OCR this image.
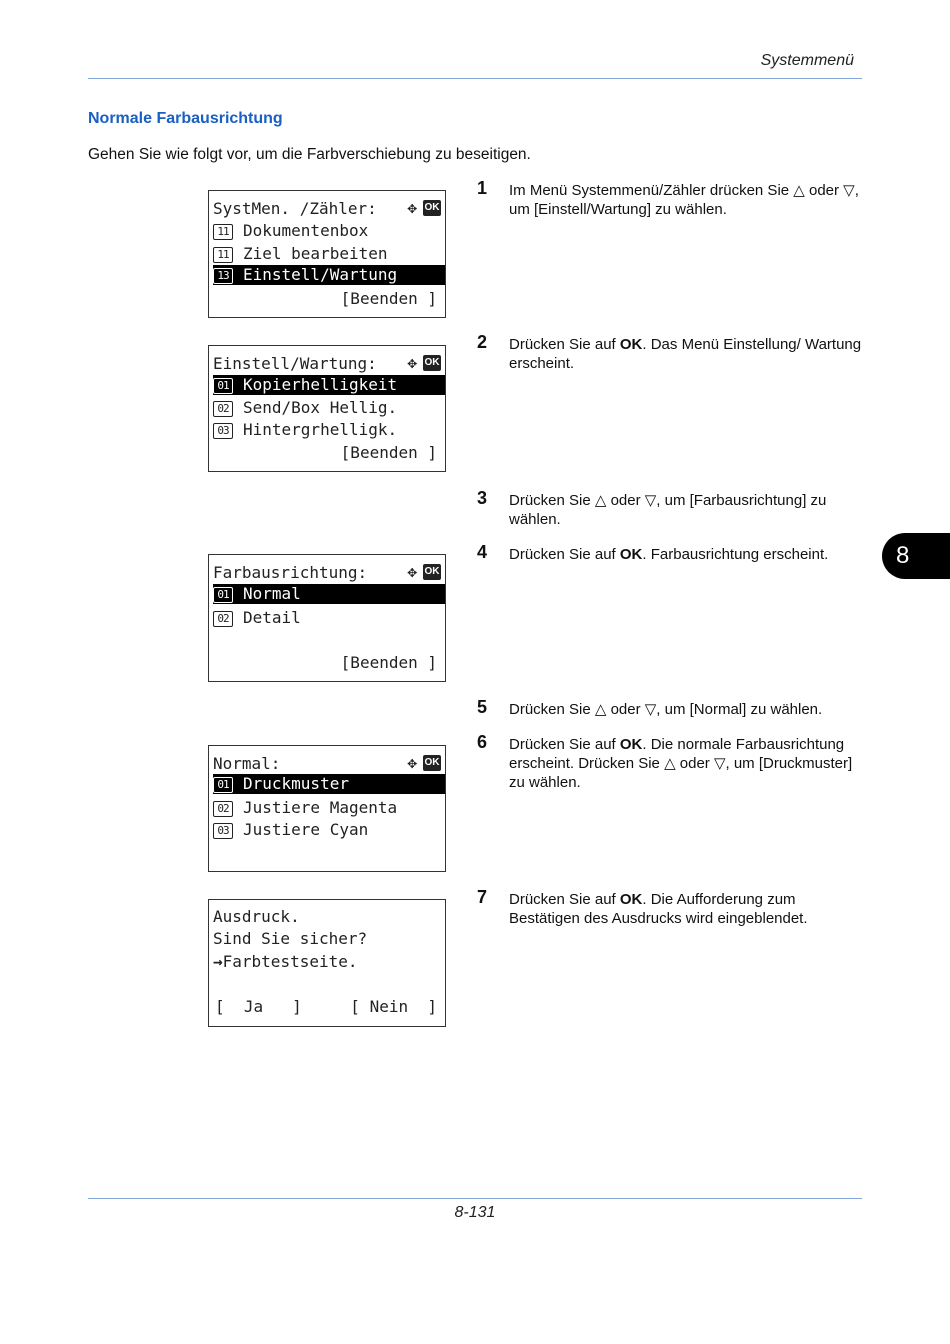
Systemmenü
Normale Farbausrichtung
Gehen Sie wie folgt vor, um die Farbverschiebung zu beseitigen.
SystMen. /Zähler:	✥ OK
11 Dokumentenbox
11 Ziel bearbeiten
13 Einstell/Wartung
[Beenden ]
Einstell/Wartung:	✥ OK
01 Kopierhelligkeit
02 Send/Box Hellig.
03 Hintergrhelligk.
[Beenden ]
Farbausrichtung:	✥ OK
01 Normal
02 Detail
[Beenden ]
Normal:	✥ OK
01 Druckmuster
02 Justiere Magenta
03 Justiere Cyan
Ausdruck.
Sind Sie sicher?
→Farbtestseite.
[  Ja   ]	[ Nein  ]
1 Im Menü Systemmenü/Zähler drücken Sie △ oder ▽, um [Einstell/Wartung] zu wählen.
2 Drücken Sie auf OK. Das Menü Einstellung/ Wartung erscheint.
3 Drücken Sie △ oder ▽, um [Farbausrichtung] zu wählen.
4 Drücken Sie auf OK. Farbausrichtung erscheint.
5 Drücken Sie △ oder ▽, um [Normal] zu wählen.
6 Drücken Sie auf OK. Die normale Farbausrichtung erscheint. Drücken Sie △ oder ▽, um [Druckmuster] zu wählen.
7 Drücken Sie auf OK. Die Aufforderung zum Bestätigen des Ausdrucks wird eingeblendet.
8
8-131
